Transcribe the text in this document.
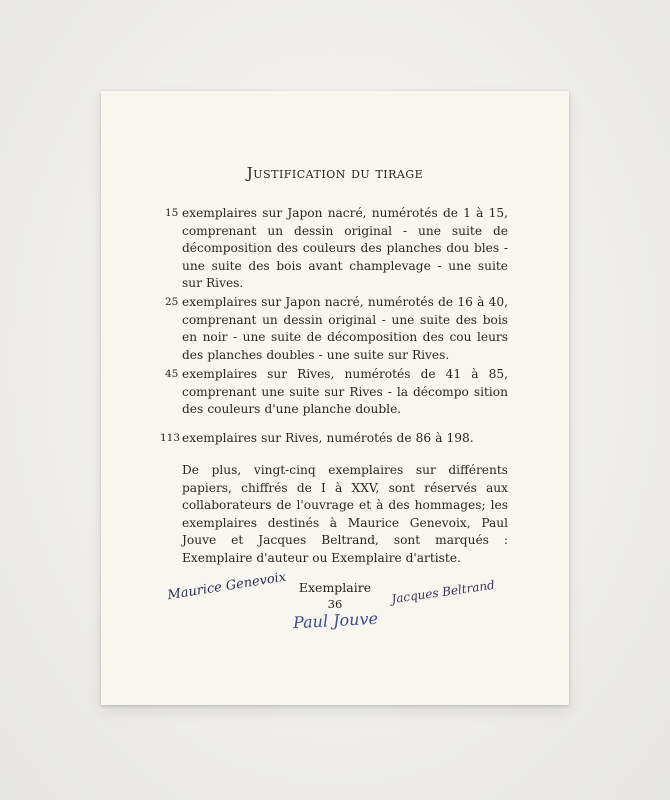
Justification du tirage
15 exemplaires sur Japon nacré, numérotés de 1 à 15, comprenant un dessin original - une suite de décomposition des couleurs des planches dou bles - une suite des bois avant champlevage - une suite sur Rives.
25 exemplaires sur Japon nacré, numérotés de 16 à 40, comprenant un dessin original - une suite des bois en noir - une suite de décomposition des cou leurs des planches doubles - une suite sur Rives.
45 exemplaires sur Rives, numérotés de 41 à 85, comprenant une suite sur Rives - la décompo sition des couleurs d'une planche double.
113 exemplaires sur Rives, numérotés de 86 à 198.
De plus, vingt-cinq exemplaires sur différents papiers, chiffrés de I à XXV, sont réservés aux collaborateurs de l'ouvrage et à des hommages; les exemplaires destinés à Maurice Genevoix, Paul Jouve et Jacques Beltrand, sont marqués : Exemplaire d'auteur ou Exemplaire d'artiste.
Exemplaire
36
Maurice Genevoix	Jacques Beltrand
Paul Jouve
